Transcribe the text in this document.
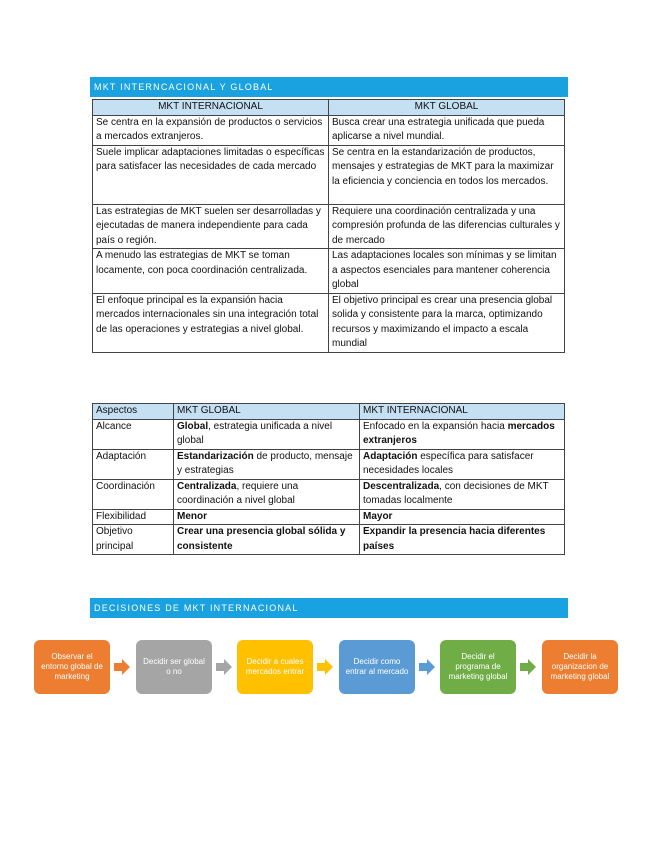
MKT INTERNCACIONAL Y GLOBAL
MKT INTERNACIONAL	MKT GLOBAL
Se centra en la expansión de productos o servicios a mercados extranjeros.	Busca crear una estrategia unificada que pueda aplicarse a nivel mundial.
Suele implicar adaptaciones limitadas o específicas para satisfacer las necesidades de cada mercado	Se centra en la estandarización de productos, mensajes y estrategias de MKT para la maximizar la eficiencia y conciencia en todos los mercados.
Las estrategias de MKT suelen ser desarrolladas y ejecutadas de manera independiente para cada país o región.	Requiere una coordinación centralizada y una compresión profunda de las diferencias culturales y de mercado
A menudo las estrategias de MKT se toman locamente, con poca coordinación centralizada.	Las adaptaciones locales son mínimas y se limitan a aspectos esenciales para mantener coherencia global
El enfoque principal es la expansión hacia mercados internacionales sin una integración total de las operaciones y estrategias a nivel global.	El objetivo principal es crear una presencia global solida y consistente para la marca, optimizando recursos y maximizando el impacto a escala mundial
Aspectos	MKT GLOBAL	MKT INTERNACIONAL
Alcance	Global, estrategia unificada a nivel global	Enfocado en la expansión hacia mercados extranjeros
Adaptación	Estandarización de producto, mensaje y estrategias	Adaptación específica para satisfacer necesidades locales
Coordinación	Centralizada, requiere una coordinación a nivel global	Descentralizada, con decisiones de MKT tomadas localmente
Flexibilidad	Menor	Mayor
Objetivo principal	Crear una presencia global sólida y consistente	Expandir la presencia hacia diferentes países
DECISIONES DE MKT INTERNACIONAL
Observar el entorno global de marketing
Decidir ser global o no
Decidir a cuales mercados entrar
Decidir como entrar al mercado
Decidir el programa de marketing global
Decidir la organizacion de marketing global
